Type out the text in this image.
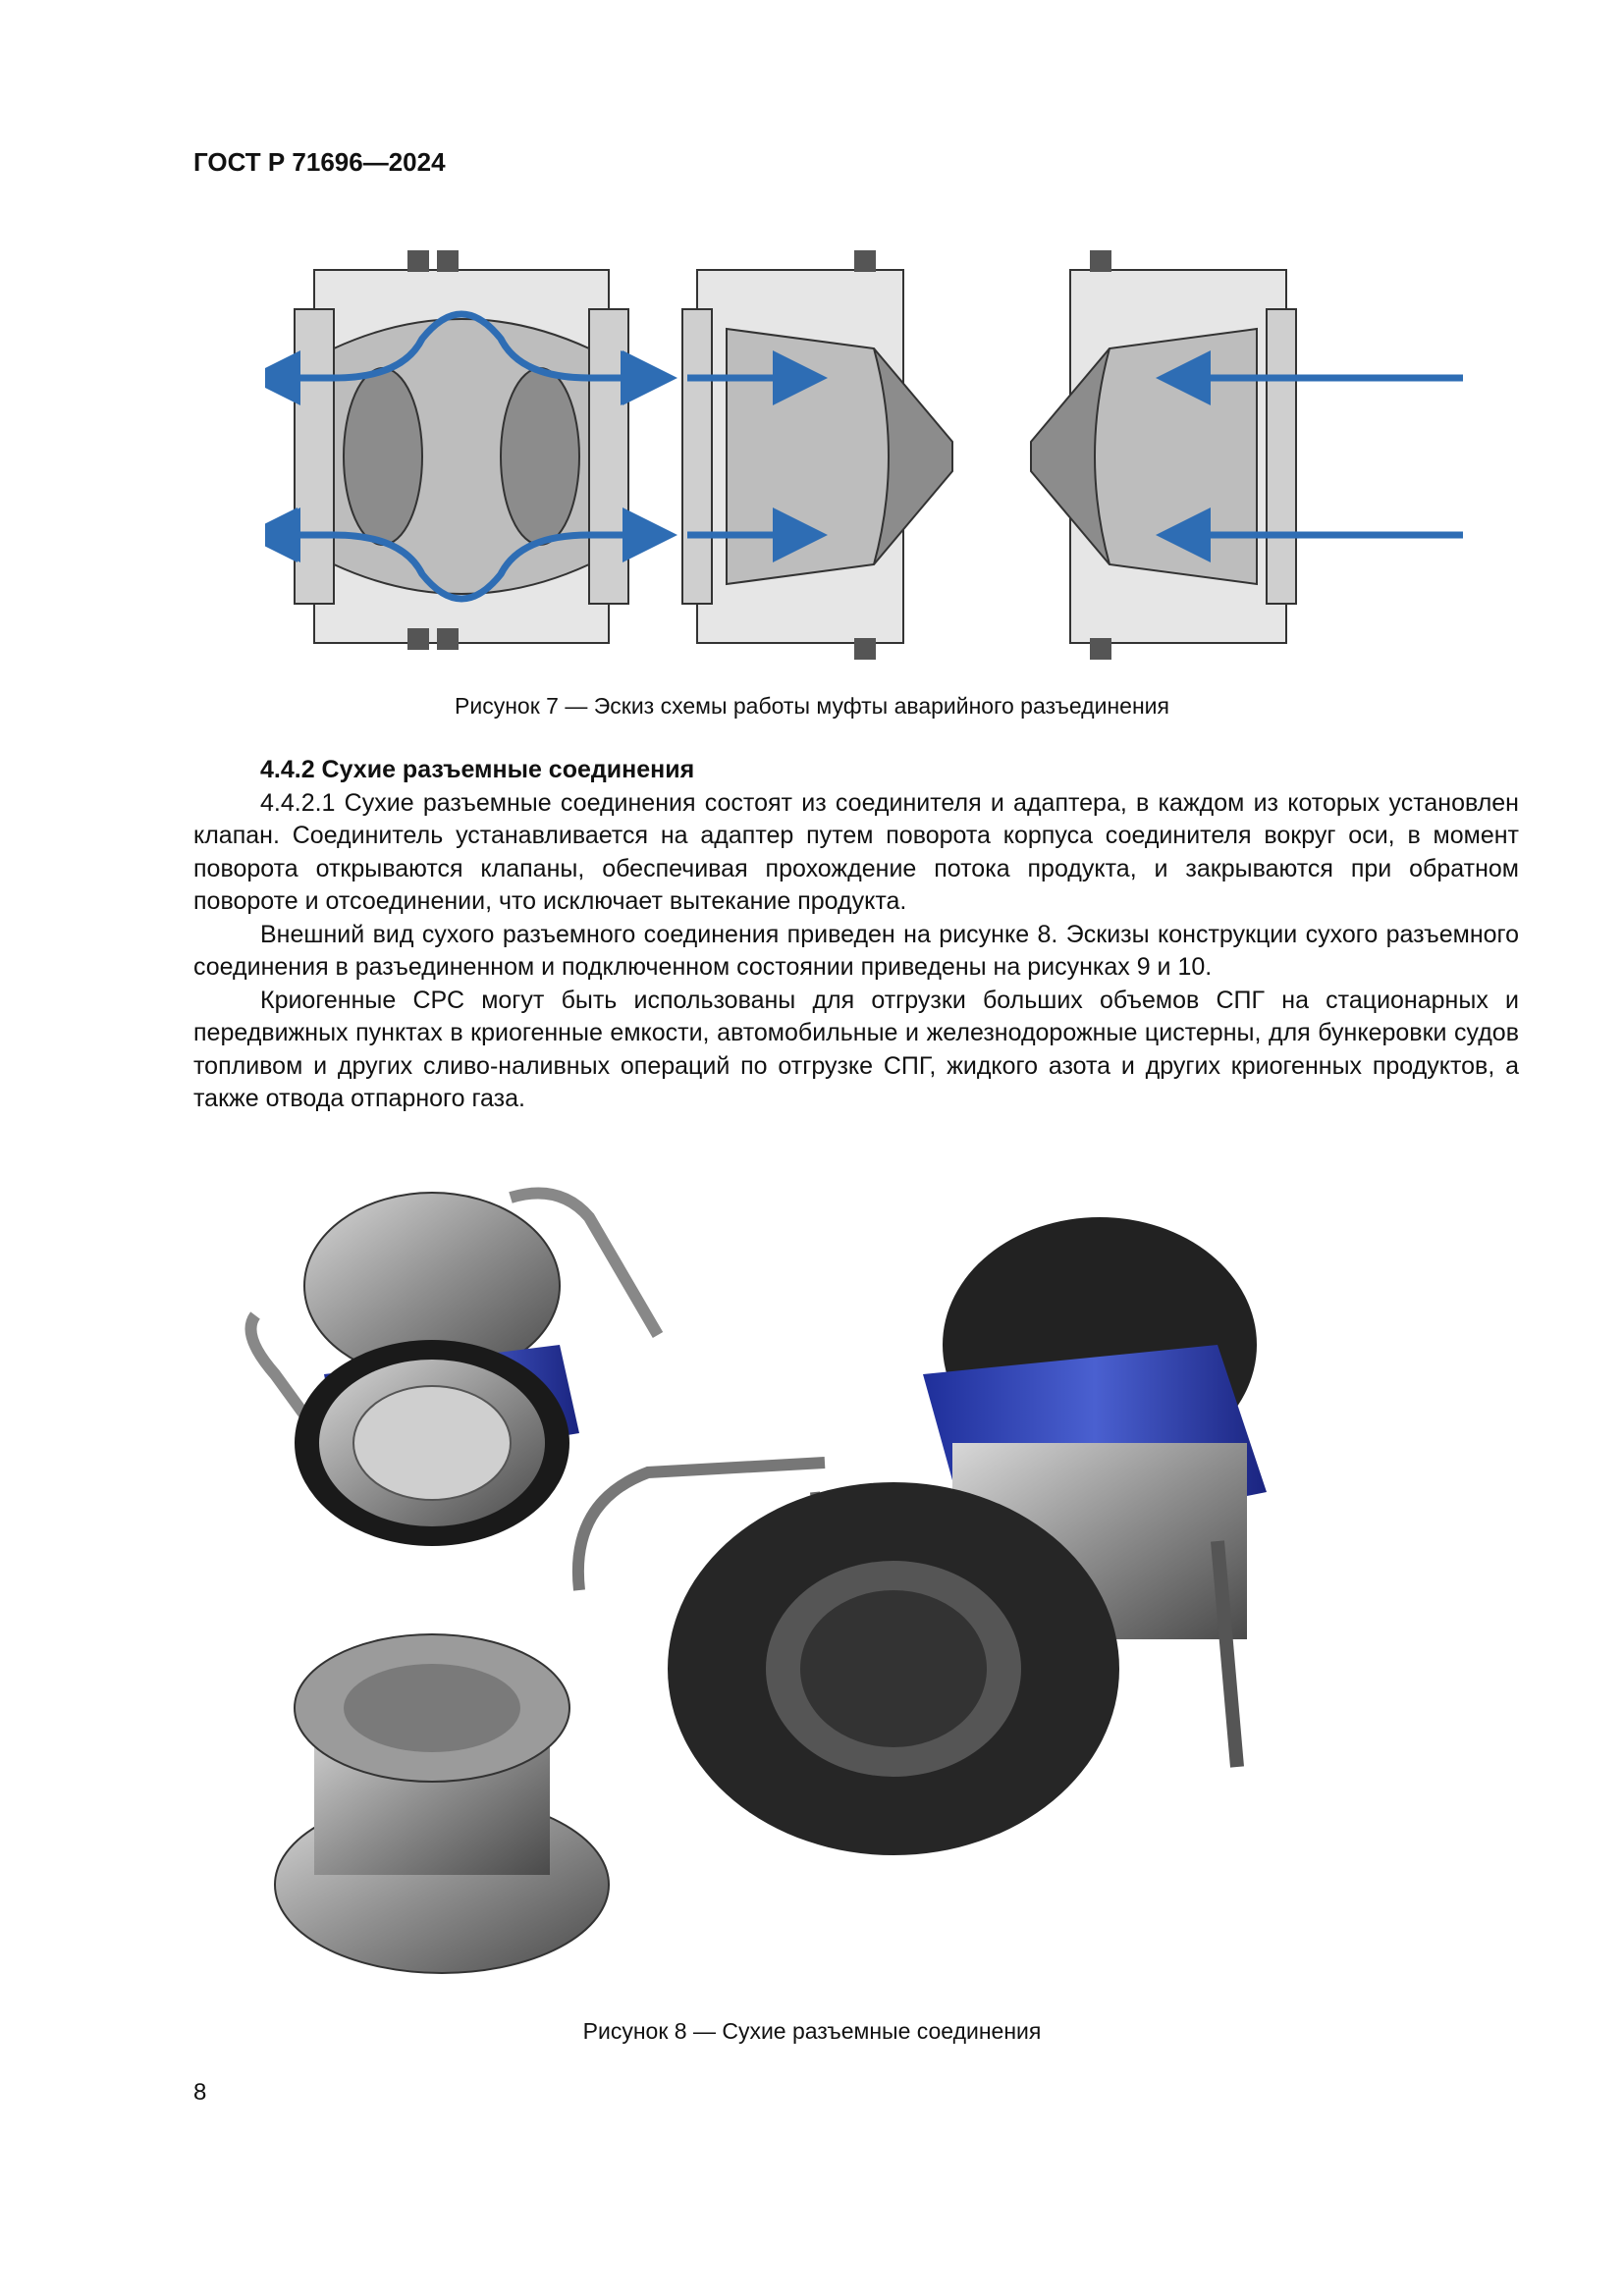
ГОСТ Р 71696—2024
Рисунок 7 — Эскиз схемы работы муфты аварийного разъединения
4.4.2 Сухие разъемные соединения

4.4.2.1 Сухие разъемные соединения состоят из соединителя и адаптера, в каждом из которых установлен клапан. Соединитель устанавливается на адаптер путем поворота корпуса соединителя вокруг оси, в момент поворота открываются клапаны, обеспечивая прохождение потока продукта, и закрываются при обратном повороте и отсоединении, что исключает вытекание продукта.

Внешний вид сухого разъемного соединения приведен на рисунке 8. Эскизы конструкции сухого разъемного соединения в разъединенном и подключенном состоянии приведены на рисунках 9 и 10.

Криогенные СРС могут быть использованы для отгрузки больших объемов СПГ на стационарных и передвижных пунктах в криогенные емкости, автомобильные и железнодорожные цистерны, для бункеровки судов топливом и других сливо-наливных операций по отгрузке СПГ, жидкого азота и других криогенных продуктов, а также отвода отпарного газа.

Рисунок 8 — Сухие разъемные соединения
8
